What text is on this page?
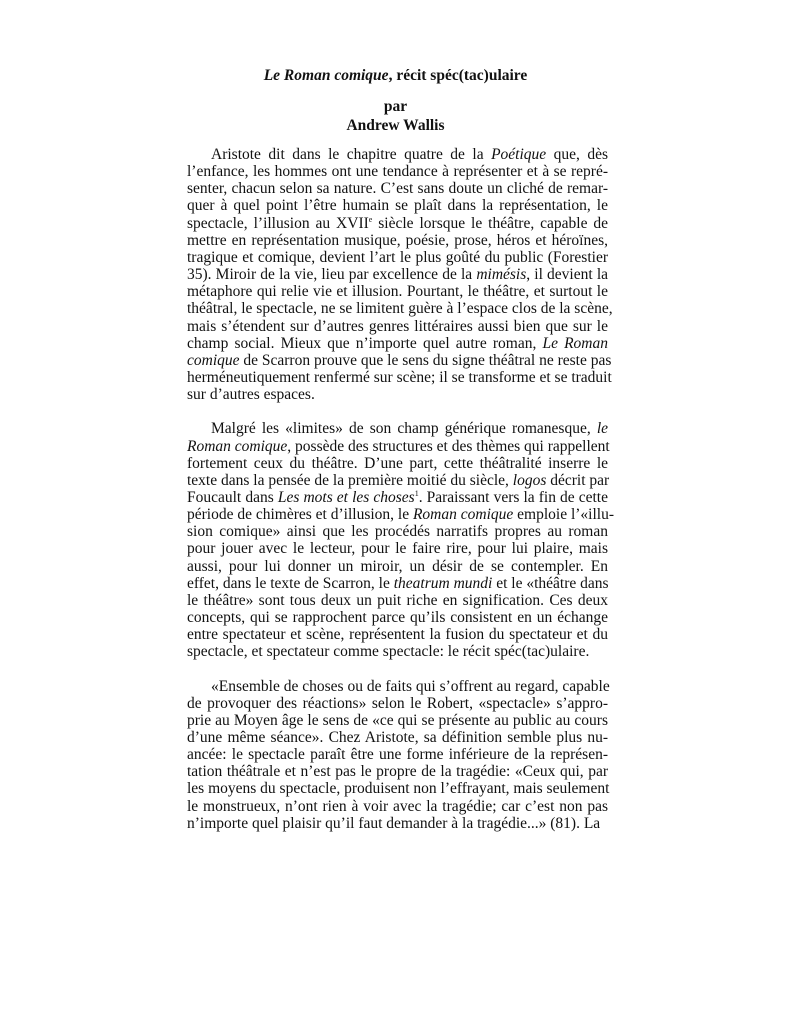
Le Roman comique, récit spéc(tac)ulaire
par
Andrew Wallis
Aristote dit dans le chapitre quatre de la Poétique que, dès
l’enfance, les hommes ont une tendance à représenter et à se repré-
senter, chacun selon sa nature. C’est sans doute un cliché de remar-
quer à quel point l’être humain se plaît dans la représentation, le
spectacle, l’illusion au XVIIe siècle lorsque le théâtre, capable de
mettre en représentation musique, poésie, prose, héros et héroïnes,
tragique et comique, devient l’art le plus goûté du public (Forestier
35). Miroir de la vie, lieu par excellence de la mimésis, il devient la
métaphore qui relie vie et illusion. Pourtant, le théâtre, et surtout le
théâtral, le spectacle, ne se limitent guère à l’espace clos de la scène,
mais s’étendent sur d’autres genres littéraires aussi bien que sur le
champ social. Mieux que n’importe quel autre roman, Le Roman
comique de Scarron prouve que le sens du signe théâtral ne reste pas
herméneutiquement renfermé sur scène; il se transforme et se traduit
sur d’autres espaces.
Malgré les «limites» de son champ générique romanesque, le
Roman comique, possède des structures et des thèmes qui rappellent
fortement ceux du théâtre. D’une part, cette théâtralité inserre le
texte dans la pensée de la première moitié du siècle, logos décrit par
Foucault dans Les mots et les choses$^1$. Paraissant vers la fin de cette
période de chimères et d’illusion, le Roman comique emploie l’«illu-
sion comique» ainsi que les procédés narratifs propres au roman
pour jouer avec le lecteur, pour le faire rire, pour lui plaire, mais
aussi, pour lui donner un miroir, un désir de se contempler. En
effet, dans le texte de Scarron, le theatrum mundi et le «théâtre dans
le théâtre» sont tous deux un puit riche en signification. Ces deux
concepts, qui se rapprochent parce qu’ils consistent en un échange
entre spectateur et scène, représentent la fusion du spectateur et du
spectacle, et spectateur comme spectacle: le récit spéc(tac)ulaire.
«Ensemble de choses ou de faits qui s’offrent au regard, capable
de provoquer des réactions» selon le Robert, «spectacle» s’appro-
prie au Moyen âge le sens de «ce qui se présente au public au cours
d’une même séance». Chez Aristote, sa définition semble plus nu-
ancée: le spectacle paraît être une forme inférieure de la représen-
tation théâtrale et n’est pas le propre de la tragédie: «Ceux qui, par
les moyens du spectacle, produisent non l’effrayant, mais seulement
le monstrueux, n’ont rien à voir avec la tragédie; car c’est non pas
n’importe quel plaisir qu’il faut demander à la tragédie...» (81). La
